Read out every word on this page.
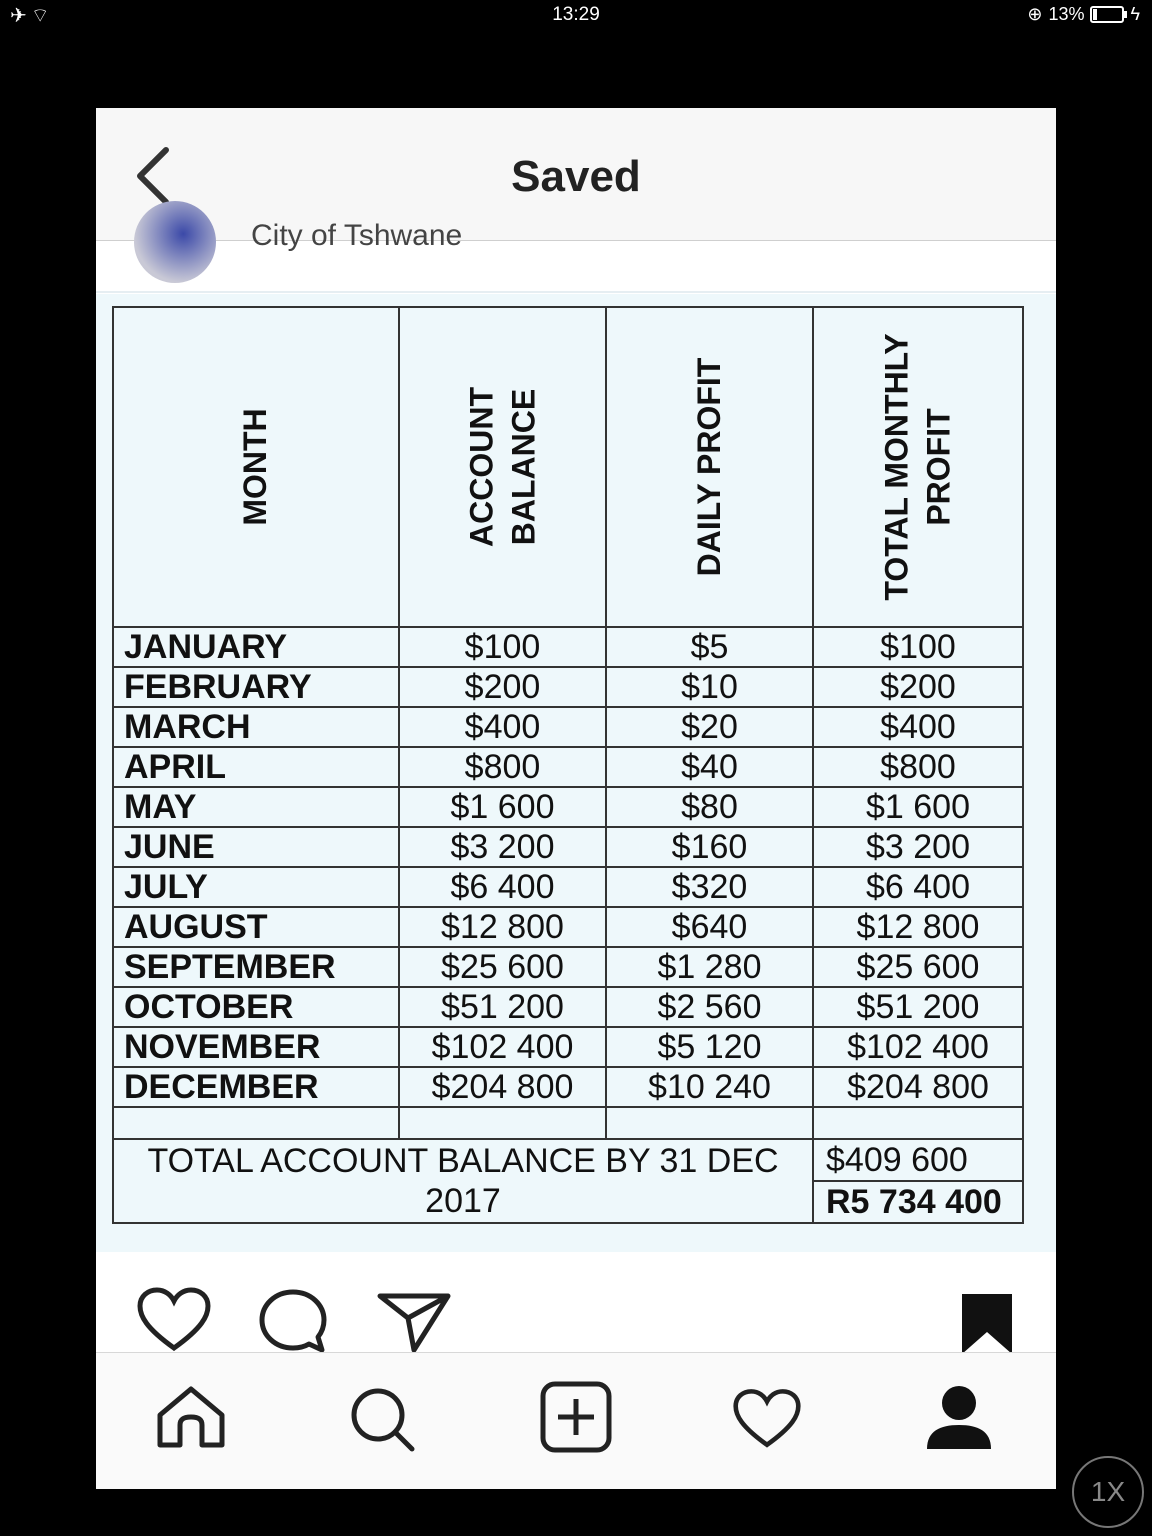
✈⌔	13:29	⊕ 13%	ϟ
Saved
City of Tshwane
MONTH	ACCOUNT BALANCE	DAILY PROFIT	TOTAL MONTHLY PROFIT

JANUARY	$100	$5	$100
FEBRUARY	$200	$10	$200
MARCH	$400	$20	$400
APRIL	$800	$40	$800
MAY	$1 600	$80	$1 600
JUNE	$3 200	$160	$3 200
JULY	$6 400	$320	$6 400
AUGUST	$12 800	$640	$12 800
SEPTEMBER	$25 600	$1 280	$25 600
OCTOBER	$51 200	$2 560	$51 200
NOVEMBER	$102 400	$5 120	$102 400
DECEMBER	$204 800	$10 240	$204 800

TOTAL ACCOUNT BALANCE BY 31 DEC 2017			$409 600
			R5 734 400
1X
